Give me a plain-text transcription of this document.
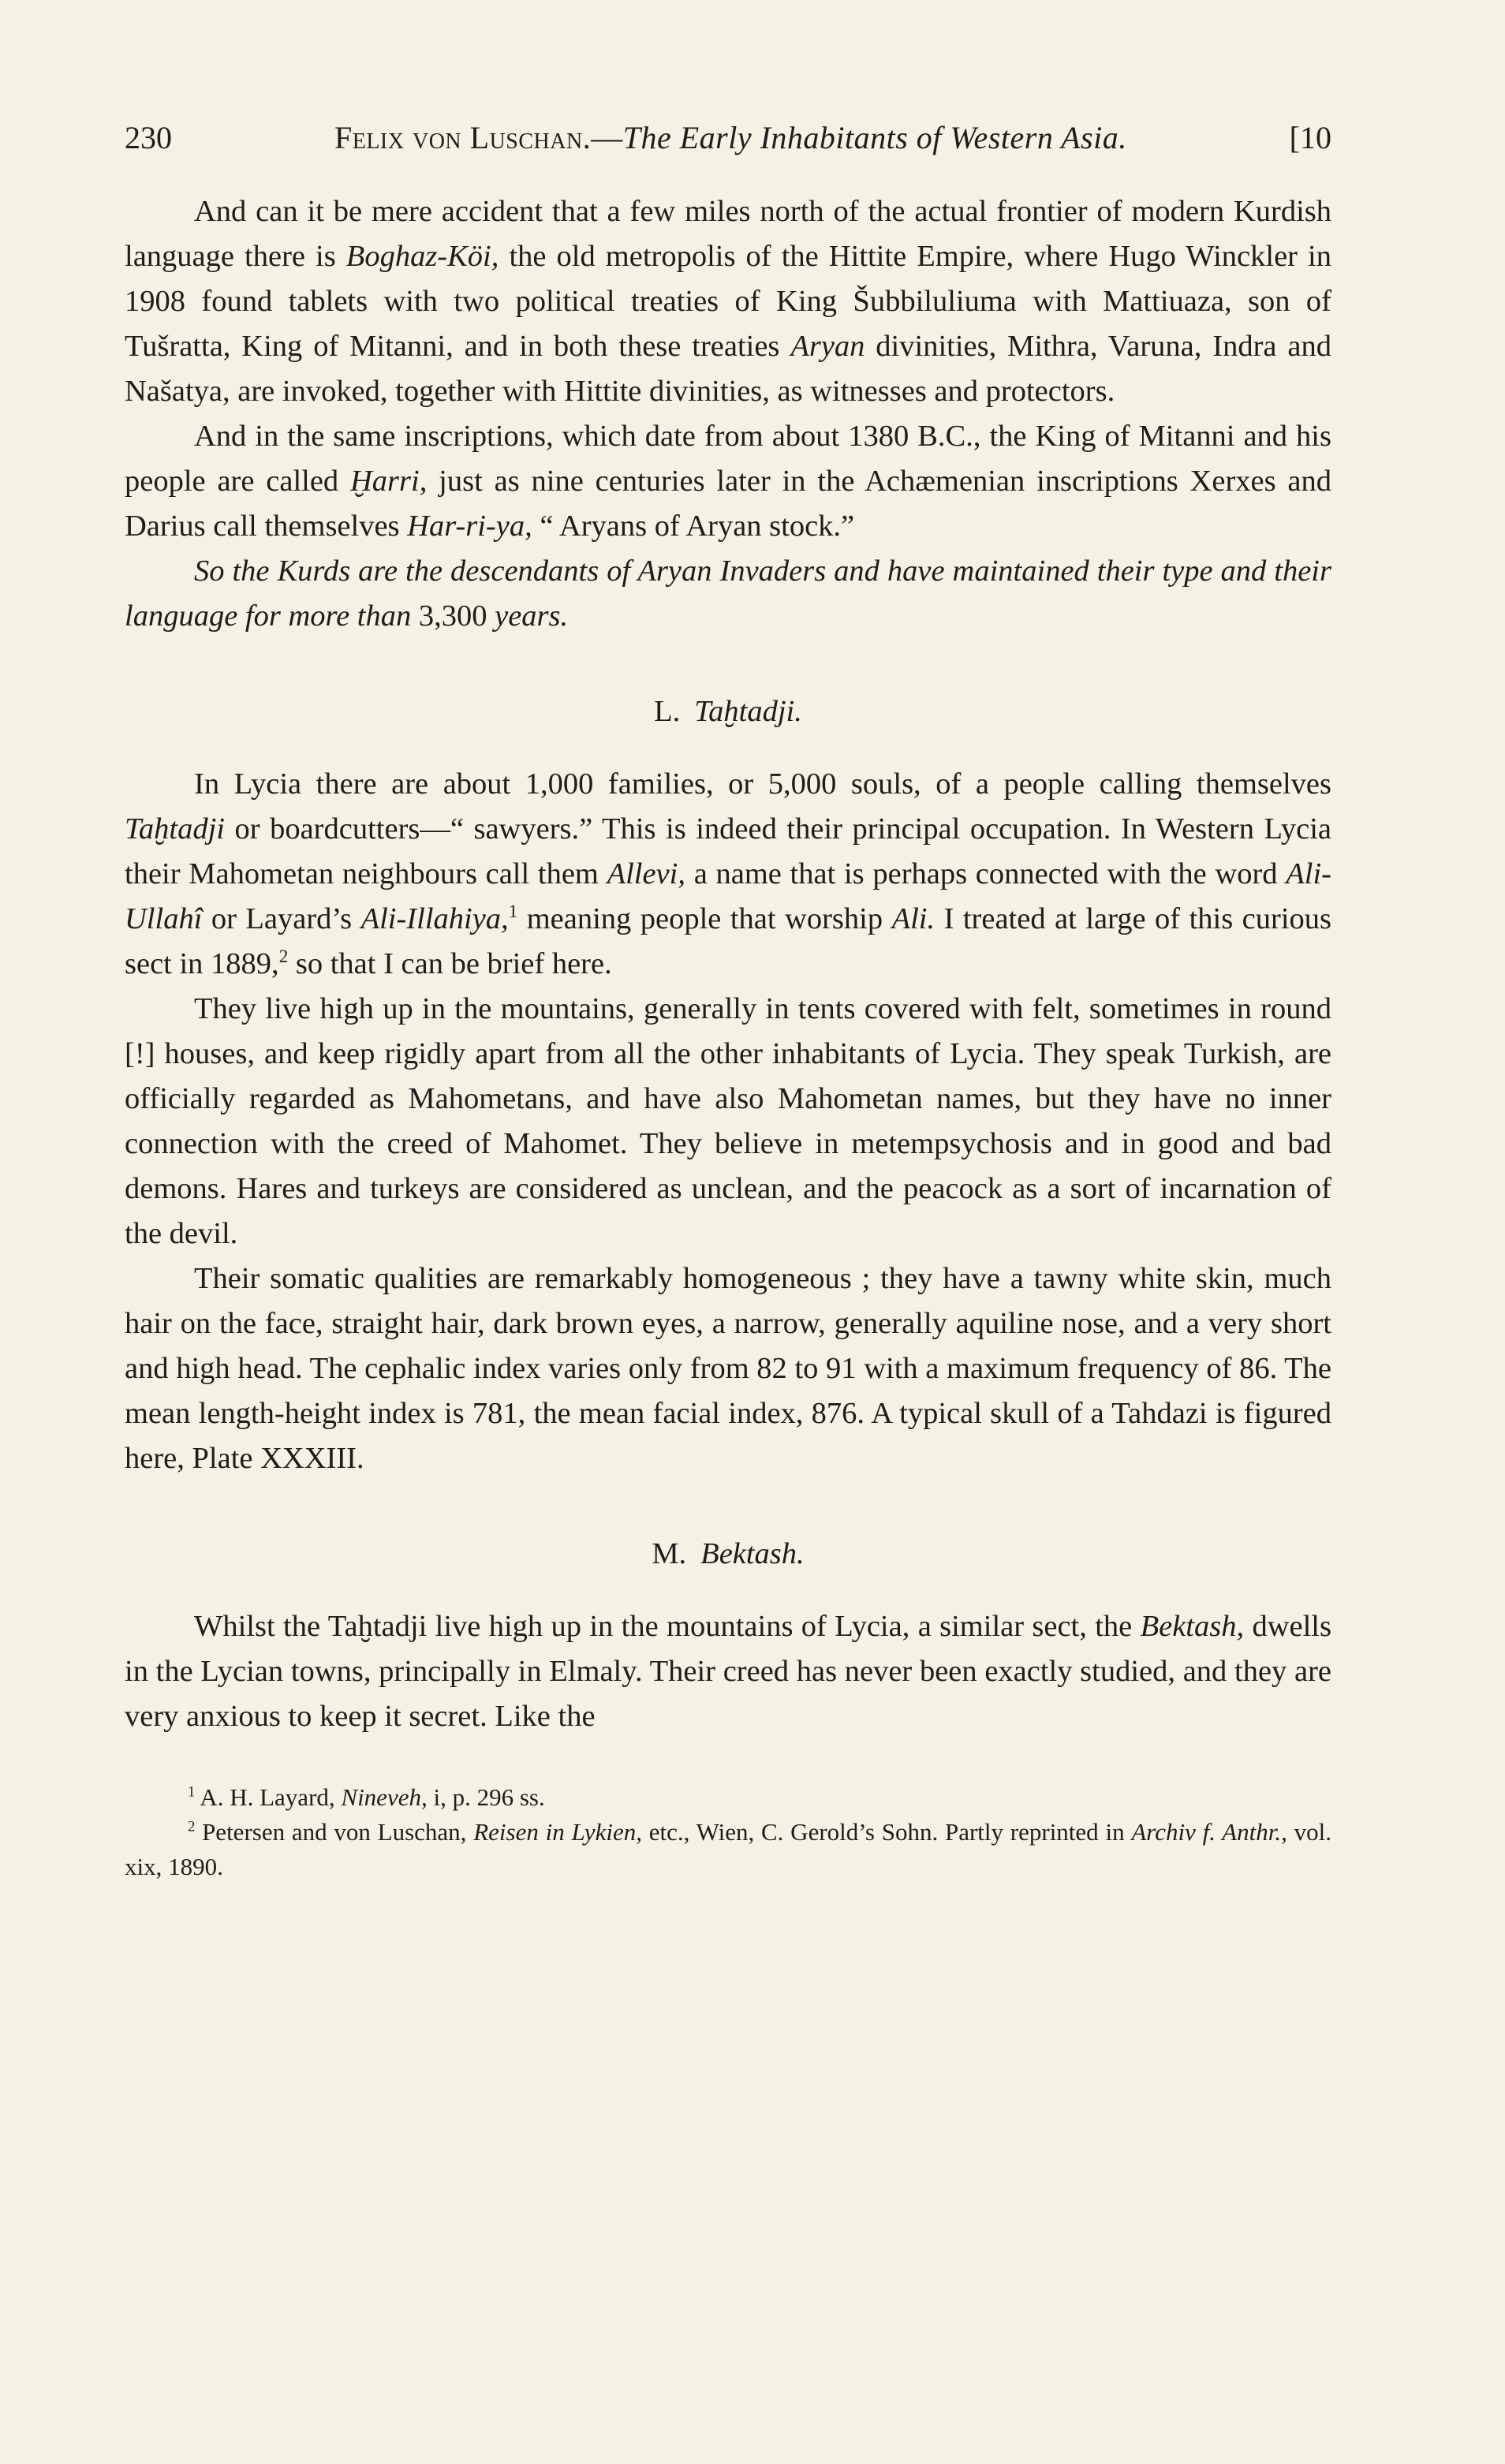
230	Felix von Luschan.—The Early Inhabitants of Western Asia.	[10

And can it be mere accident that a few miles north of the actual frontier of modern Kurdish language there is Boghaz-Köi, the old metropolis of the Hittite Empire, where Hugo Winckler in 1908 found tablets with two political treaties of King Šubbiluliuma with Mattiuaza, son of Tušratta, King of Mitanni, and in both these treaties Aryan divinities, Mithra, Varuna, Indra and Našatya, are invoked, together with Hittite divinities, as witnesses and protectors.

And in the same inscriptions, which date from about 1380 B.C., the King of Mitanni and his people are called Ḫarri, just as nine centuries later in the Achæmenian inscriptions Xerxes and Darius call themselves Har-ri-ya, “ Aryans of Aryan stock.”

So the Kurds are the descendants of Aryan Invaders and have maintained their type and their language for more than 3,300 years.

L. Taḫtadji.

In Lycia there are about 1,000 families, or 5,000 souls, of a people calling themselves Taḫtadji or boardcutters—“ sawyers.” This is indeed their principal occupation. In Western Lycia their Mahometan neighbours call them Allevi, a name that is perhaps connected with the word Ali-Ullahî or Layard’s Ali-Illahiya,$^1$ meaning people that worship Ali. I treated at large of this curious sect in 1889,$^2$ so that I can be brief here.

They live high up in the mountains, generally in tents covered with felt, sometimes in round [!] houses, and keep rigidly apart from all the other inhabitants of Lycia. They speak Turkish, are officially regarded as Mahometans, and have also Mahometan names, but they have no inner connection with the creed of Mahomet. They believe in metempsychosis and in good and bad demons. Hares and turkeys are considered as unclean, and the peacock as a sort of incarnation of the devil.

Their somatic qualities are remarkably homogeneous ; they have a tawny white skin, much hair on the face, straight hair, dark brown eyes, a narrow, generally aquiline nose, and a very short and high head. The cephalic index varies only from 82 to 91 with a maximum frequency of 86. The mean length-height index is 781, the mean facial index, 876. A typical skull of a Tahdazi is figured here, Plate XXXIII.

M. Bektash.

Whilst the Taḫtadji live high up in the mountains of Lycia, a similar sect, the Bektash, dwells in the Lycian towns, principally in Elmaly. Their creed has never been exactly studied, and they are very anxious to keep it secret. Like the

$^1$ A. H. Layard, Nineveh, i, p. 296 ss.

$^2$ Petersen and von Luschan, Reisen in Lykien, etc., Wien, C. Gerold’s Sohn. Partly reprinted in Archiv f. Anthr., vol. xix, 1890.
